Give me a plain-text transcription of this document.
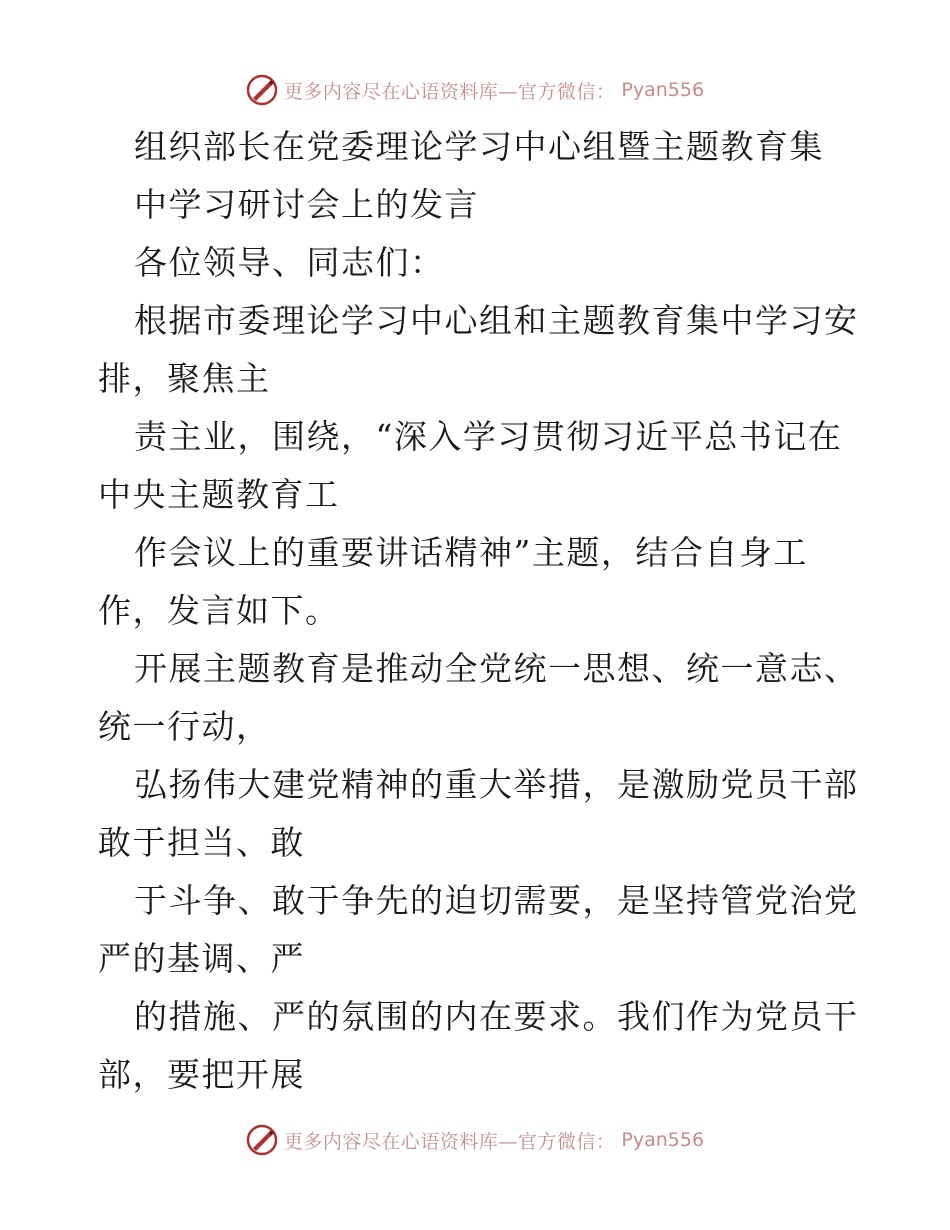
更多内容尽在心语资料库—官方微信： Pyan556
组织部长在党委理论学习中心组暨主题教育集
中学习研讨会上的发言
各位领导、同志们：
根据市委理论学习中心组和主题教育集中学习安
排，聚焦主
责主业，围绕，“深入学习贯彻习近平总书记在
中央主题教育工
作会议上的重要讲话精神”主题，结合自身工
作，发言如下。
开展主题教育是推动全党统一思想、统一意志、
统一行动，
弘扬伟大建党精神的重大举措，是激励党员干部
敢于担当、敢
于斗争、敢于争先的迫切需要，是坚持管党治党
严的基调、严
的措施、严的氛围的内在要求。我们作为党员干
部，要把开展
更多内容尽在心语资料库—官方微信： Pyan556
